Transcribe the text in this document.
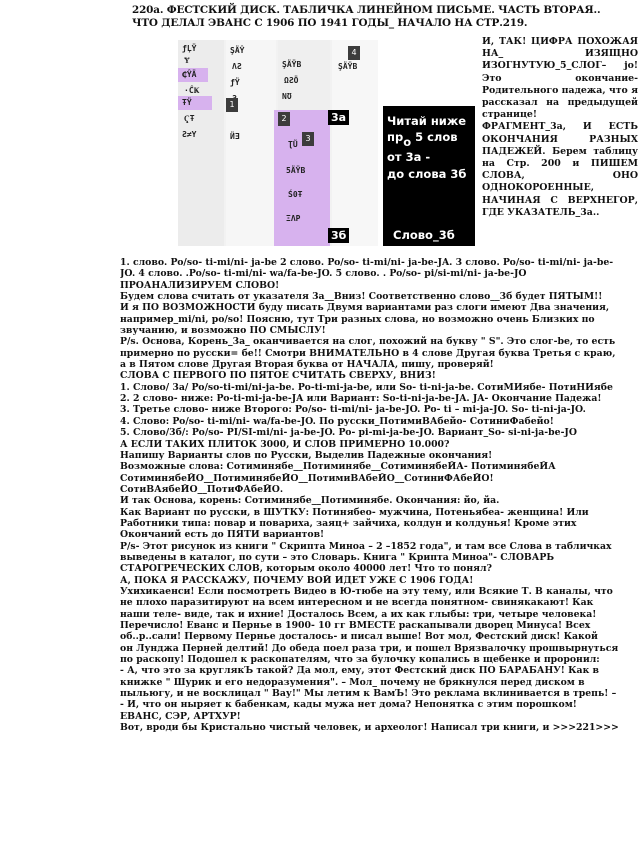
220а. ФЕСТСКИЙ ДИСК. ТАБЛИЧКА ЛИНЕЙНОМ ПИСЬМЕ. ЧАСТЬ ВТОРАЯ..
ЧТО ДЕЛАЛ ЭВАНС С 1906 ПО 1941 ГОДЫ_ НАЧАЛО НА СТР.219.
ƒĻŸ
Ɏ
₵ŶÄ
·ĈҜ
ŦŸ
ҀŦ
Ƨ≠Υ
ŞÄŶ
ΛƧ
ƒŸ
ӤƎ
ŞÄŸB
ΩƧÖ
ΝƱ
ƮŨ
5ÄŸB
Ś0Ŧ
ΞΛΡ
ŞÄŸB
1
2
3
4
3а
3б
Читай ниже
про 5 слов
от 3а -
до слова 3б
Слово_3б

И, ТАК! ЦИФРА ПОХОЖАЯ НА_ ИЗЯЩНО ИЗОГНУТУЮ_5_СЛОГ– jo! Это окончание- Родительного падежа, что я рассказал на предыдущей странице!

ФРАГМЕНТ_3а, И ЕСТЬ ОКОНЧАНИЯ РАЗНЫХ ПАДЕЖЕЙ. Берем таблицу на Стр. 200 и ПИШЕМ СЛОВА, ОНО ОДНОКОРОЕННЫЕ, НАЧИНАЯ С ВЕРХНЕГОР, ГДЕ УКАЗАТЕЛЬ_3а..

1. слово. Po/so- ti-mi/ni- ja-be 2 слово. Po/so- ti-mi/ni- ja-be-JA. 3 слово. Po/so- ti-mi/ni- ja-be-
JO. 4 слово. .Po/so- ti-mi/ni- wa/fa-be-JO. 5 слово. . Po/so- pi/si-mi/ni- ja-be-JO
ПРОАНАЛИЗИРУЕМ СЛОВО!
Будем слова считать от указателя 3а__Вниз! Соответственно слово__3б будет ПЯТЫМ!!
И я ПО ВОЗМОЖНОСТИ буду писать Двумя вариантами раз слоги имеют Два значения,
например_mi/ni, po/so! Поясню, тут Три разных слова, но возможно очень Близких по
звучанию, и возможно ПО СМЫСЛУ!
P/s. Основа, Корень_3а_ оканчивается на слог, похожий на букву " S". Это слог-be, то есть
примерно по русски= бе!! Смотри ВНИМАТЕЛЬНО в 4 слове Другая буква Третья с краю,
а в Пятом слове Другая Вторая буква от НАЧАЛА, пишу, проверяй!
СЛОВА С ПЕРВОГО ПО ПЯТОЕ СЧИТАТЬ СВЕРХУ, ВНИЗ!
1. Слово/ 3а/ Po/so-ti-mi/ni-ja-be. Po-ti-mi-ja-be, или So- ti-ni-ja-be. СотиМИябе- ПотиНИябе
2. 2 слово- ниже: Po-ti-mi-ja-be-JA или Вариант: So-ti-ni-ja-be-JA. JA- Окончание Падежа!
3. Третье слово- ниже Второго: Po/so- ti-mi/ni- ja-be-JO. Po- ti – mi-ja-JO. So- ti-ni-ja-JO.
4. Слово: Po/so- ti-mi/ni- wa/fa-be-JO. По русски_ПотимиВАбейо- СотиниФабейо!
5. Слово/3б/: Po/so- PI/SI-mi/ni- ja-be-JO. Po- pi-mi-ja-be-JO. Вариант_So- si-ni-ja-be-JO
А ЕСЛИ ТАКИХ ПЛИТОК 3000, И СЛОВ ПРИМЕРНО 10.000?
Напишу Варианты слов по Русски, Выделив Падежные окончания!
Возможные слова: Сотиминябе__Потиминябе__СотиминябеЙА- ПотиминябеЙА
СотиминябеЙО__ПотиминябеЙО__ПотимиВАбеЙО__СотиниФАбеЙО!
СотиВАябеЙО__ПотиФАбеЙО.
И так Основа, корень: Сотиминябе__Потиминябе. Окончания: йо, йа.
Как Вариант по русски, в ШУТКУ: Потинябео- мужчина, Потеньябеа- женщина! Или
Работники типа: повар и повариха, заяц+ зайчиха, колдун и колдунья! Кроме этих
Окончаний есть до ПЯТИ вариантов!
P/s- Этот рисунок из книги " Скрипта Миноа – 2 –1852 года", и там все Слова в табличках
выведены в каталог, по сути – это Словарь. Книга " Крипта Миноа"- СЛОВАРЬ
СТАРОГРЕЧЕСКИХ СЛОВ, которым около 40000 лет! Что то понял?
А, ПОКА Я РАССКАЖУ, ПОЧЕМУ ВОЙ ИДЕТ УЖЕ С 1906 ГОДА!
Ухихикаенси! Если посмотреть Видео в Ю-тюбе на эту тему, или Всякие Т. В каналы, что
не плохо паразитируют на всем интересном и не всегда понятном- свинякакают! Как
наши теле- виде, так и ихние! Досталось Всем, а их как глыбы: три, четыре человека!
Перечисло! Еванс и Пернье в 1900- 10 гг ВМЕСТЕ раскапывали дворец Минуса! Всех
об..р..сали! Первому Пернье досталось- и писал выше! Вот мол, Фестский диск! Какой
он Лунджа Перней делтий! До обеда поел раза три, и пошел Врязвалочку прошвырнуться
по раскопу! Подошел к раскопателям, что за булочку копались в щебенке и проронил:
- А, что это за круглякЪ такой? Да мол, ему, этот Фестский диск ПО БАРАБАНУ! Как в
книжке " Шурик и его недоразумения". – Мол_ почему не брякнулся перед диском в
пыльюгу, и не восклицал " Вау!" Мы летим к ВамЪ! Это реклама вклинивается в трепь! –
- И, что он ныряет к бабенкам, кады мужа нет дома? Непонятка с этим порошком!
ЕВАНС, СЭР, АРТХУР!
Вот, вроди бы Кристально чистый человек, и археолог! Написал три книги, и >>>221>>>
